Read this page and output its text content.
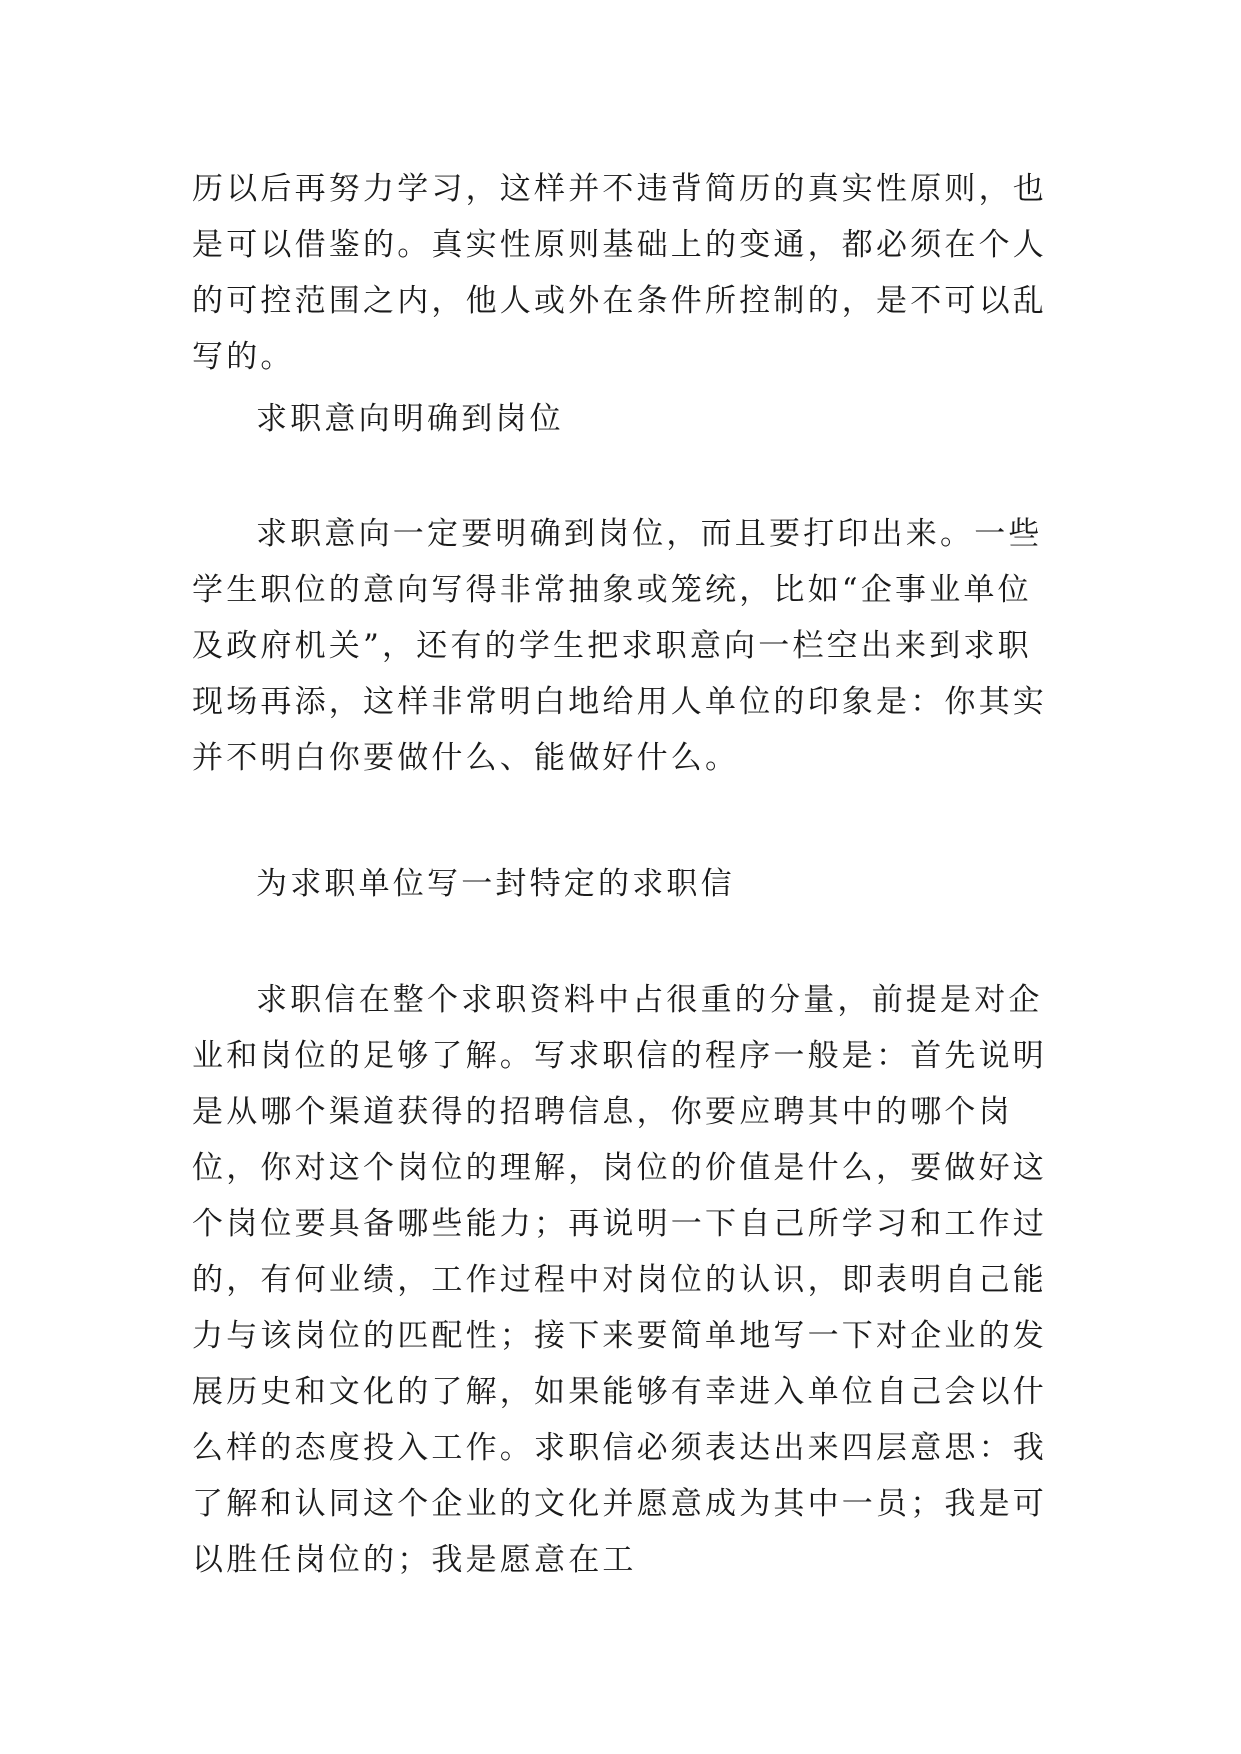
历以后再努力学习，这样并不违背简历的真实性原则，也是可以借鉴的。真实性原则基础上的变通，都必须在个人的可控范围之内，他人或外在条件所控制的，是不可以乱写的。

求职意向明确到岗位

求职意向一定要明确到岗位，而且要打印出来。一些学生职位的意向写得非常抽象或笼统，比如“企事业单位及政府机关”，还有的学生把求职意向一栏空出来到求职现场再添，这样非常明白地给用人单位的印象是：你其实并不明白你要做什么、能做好什么。

为求职单位写一封特定的求职信

求职信在整个求职资料中占很重的分量，前提是对企业和岗位的足够了解。写求职信的程序一般是：首先说明是从哪个渠道获得的招聘信息，你要应聘其中的哪个岗位，你对这个岗位的理解，岗位的价值是什么，要做好这个岗位要具备哪些能力；再说明一下自己所学习和工作过的，有何业绩，工作过程中对岗位的认识，即表明自己能力与该岗位的匹配性；接下来要简单地写一下对企业的发展历史和文化的了解，如果能够有幸进入单位自己会以什么样的态度投入工作。求职信必须表达出来四层意思：我了解和认同这个企业的文化并愿意成为其中一员；我是可以胜任岗位的；我是愿意在工
